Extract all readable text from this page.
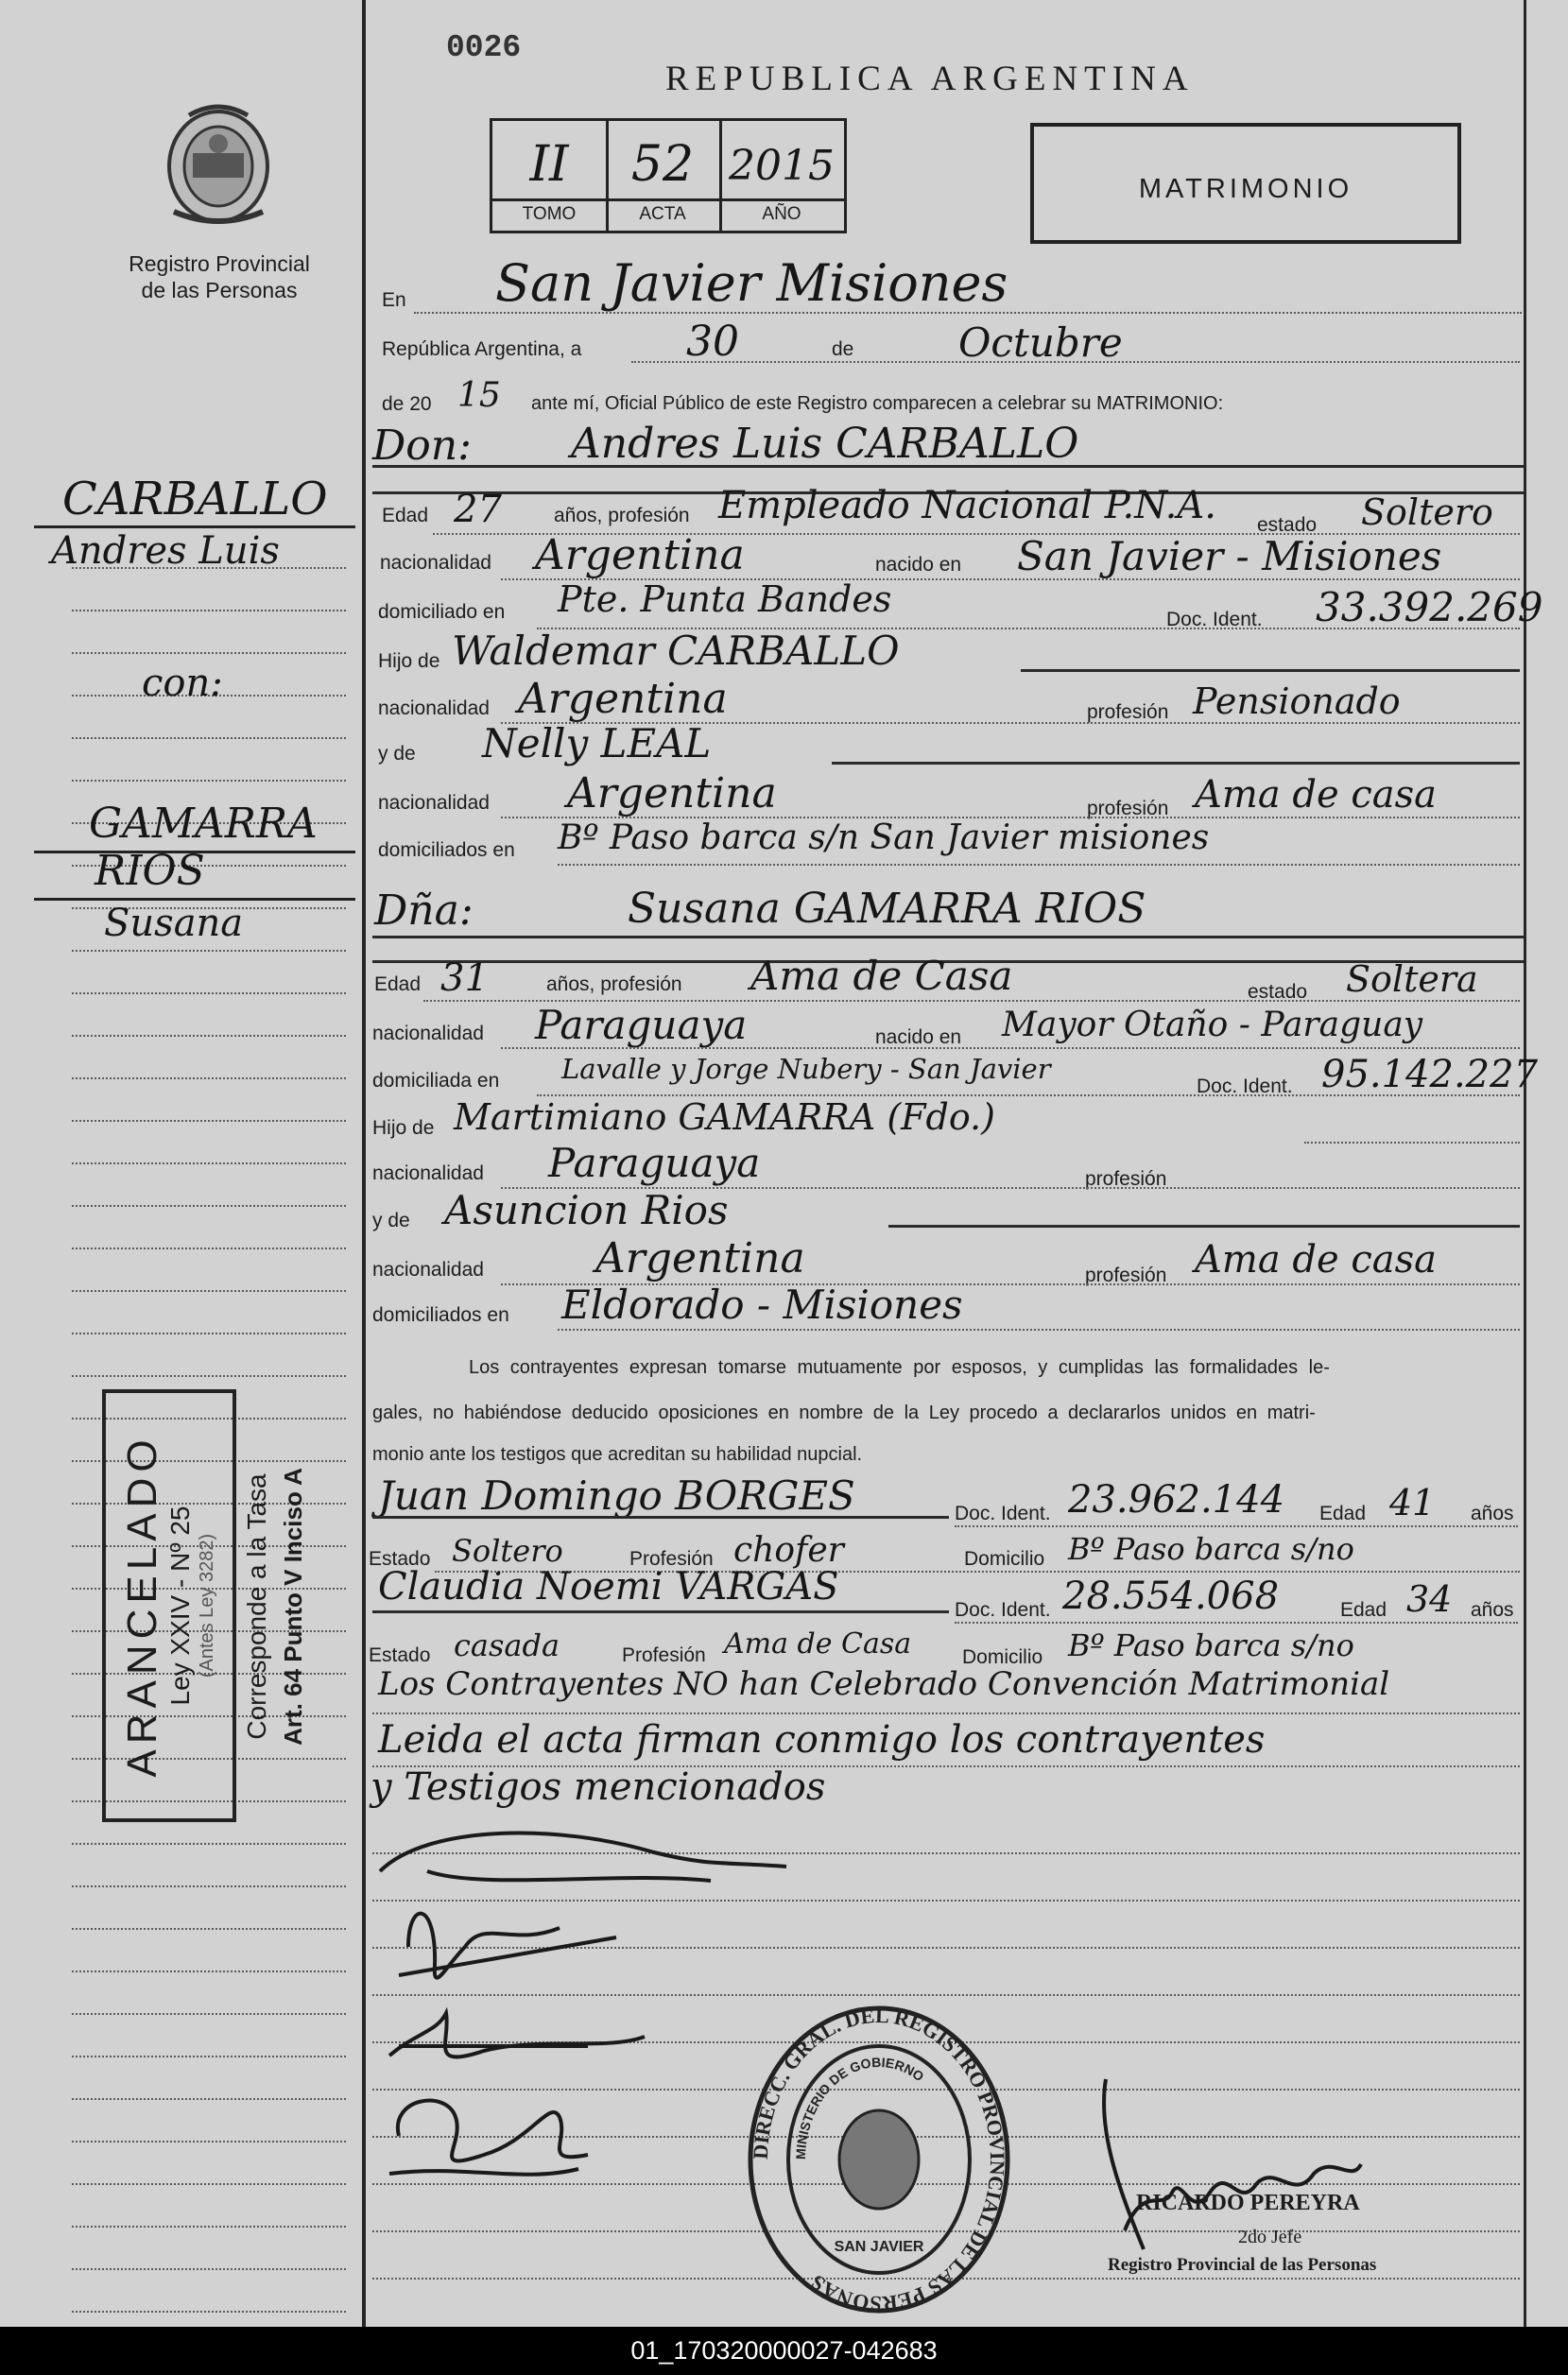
0026
REPUBLICA ARGENTINA
Registro Provincial
de las Personas
II	52 2015
TOMO	ACTA	AÑO
MATRIMONIO
En San Javier Misiones
República Argentina, a	30	de	Octubre
de 20 15 ante mí, Oficial Público de este Registro comparecen a celebrar su MATRIMONIO:
Don: Andres Luis CARBALLO
Edad 27	años, profesión Empleado Nacional P.N.A. estado Soltero
nacionalidad Argentina	nacido en San Javier - Misiones
domiciliado en Pte. Punta Bandes	Doc. Ident. 33.392.269
Hijo de Waldemar CARBALLO
nacionalidad Argentina	profesión Pensionado
y de Nelly LEAL
nacionalidad Argentina	profesión Ama de casa
domiciliados en Bº Paso barca s/n San Javier misiones
Dña:	Susana GAMARRA RIOS
Edad 31	años, profesión Ama de Casa	estado Soltera
nacionalidad Paraguaya	nacido en Mayor Otaño - Paraguay
domiciliada en Lavalle y Jorge Nubery - San Javier
Doc. Ident. 95.142.227
Hijo de Martimiano GAMARRA (Fdo.)
nacionalidad Paraguaya	profesión
y de Asuncion Rios
nacionalidad	Argentina	profesión Ama de casa
domiciliados en Eldorado - Misiones
Los contrayentes expresan tomarse mutuamente por esposos, y cumplidas las formalidades le-
gales, no habiéndose deducido oposiciones en nombre de la Ley procedo a declararlos unidos en matri-
monio ante los testigos que acreditan su habilidad nupcial.
Juan Domingo BORGES	Doc. Ident. 23.962.144 Edad 41 años
Estado Soltero	Profesión chofer	Domicilio Bº Paso barca s/no
Claudia Noemi VARGAS
Doc. Ident. 28.554.068	Edad 34 años
Estado casada	Profesión Ama de Casa	Domicilio Bº Paso barca s/no
Los Contrayentes NO han Celebrado Convención Matrimonial
Leida el acta firman conmigo los contrayentes
y Testigos mencionados
ARANCELADO Ley XXIV - Nº 25 (Antes Ley 3282) Corresponde a la Tasa Art. 64 Punto V Inciso A
DIRECC. GRAL. DEL REGISTRO PROVINCIAL DE LAS PERSONAS
MINISTERIO DE GOBIERNO
SAN JAVIER
RICARDO PEREYRA
2do Jefe
Registro Provincial de las Personas
CARBALLO
Andres Luis
con:
GAMARRA
RIOS
Susana
01_170320000027-042683
